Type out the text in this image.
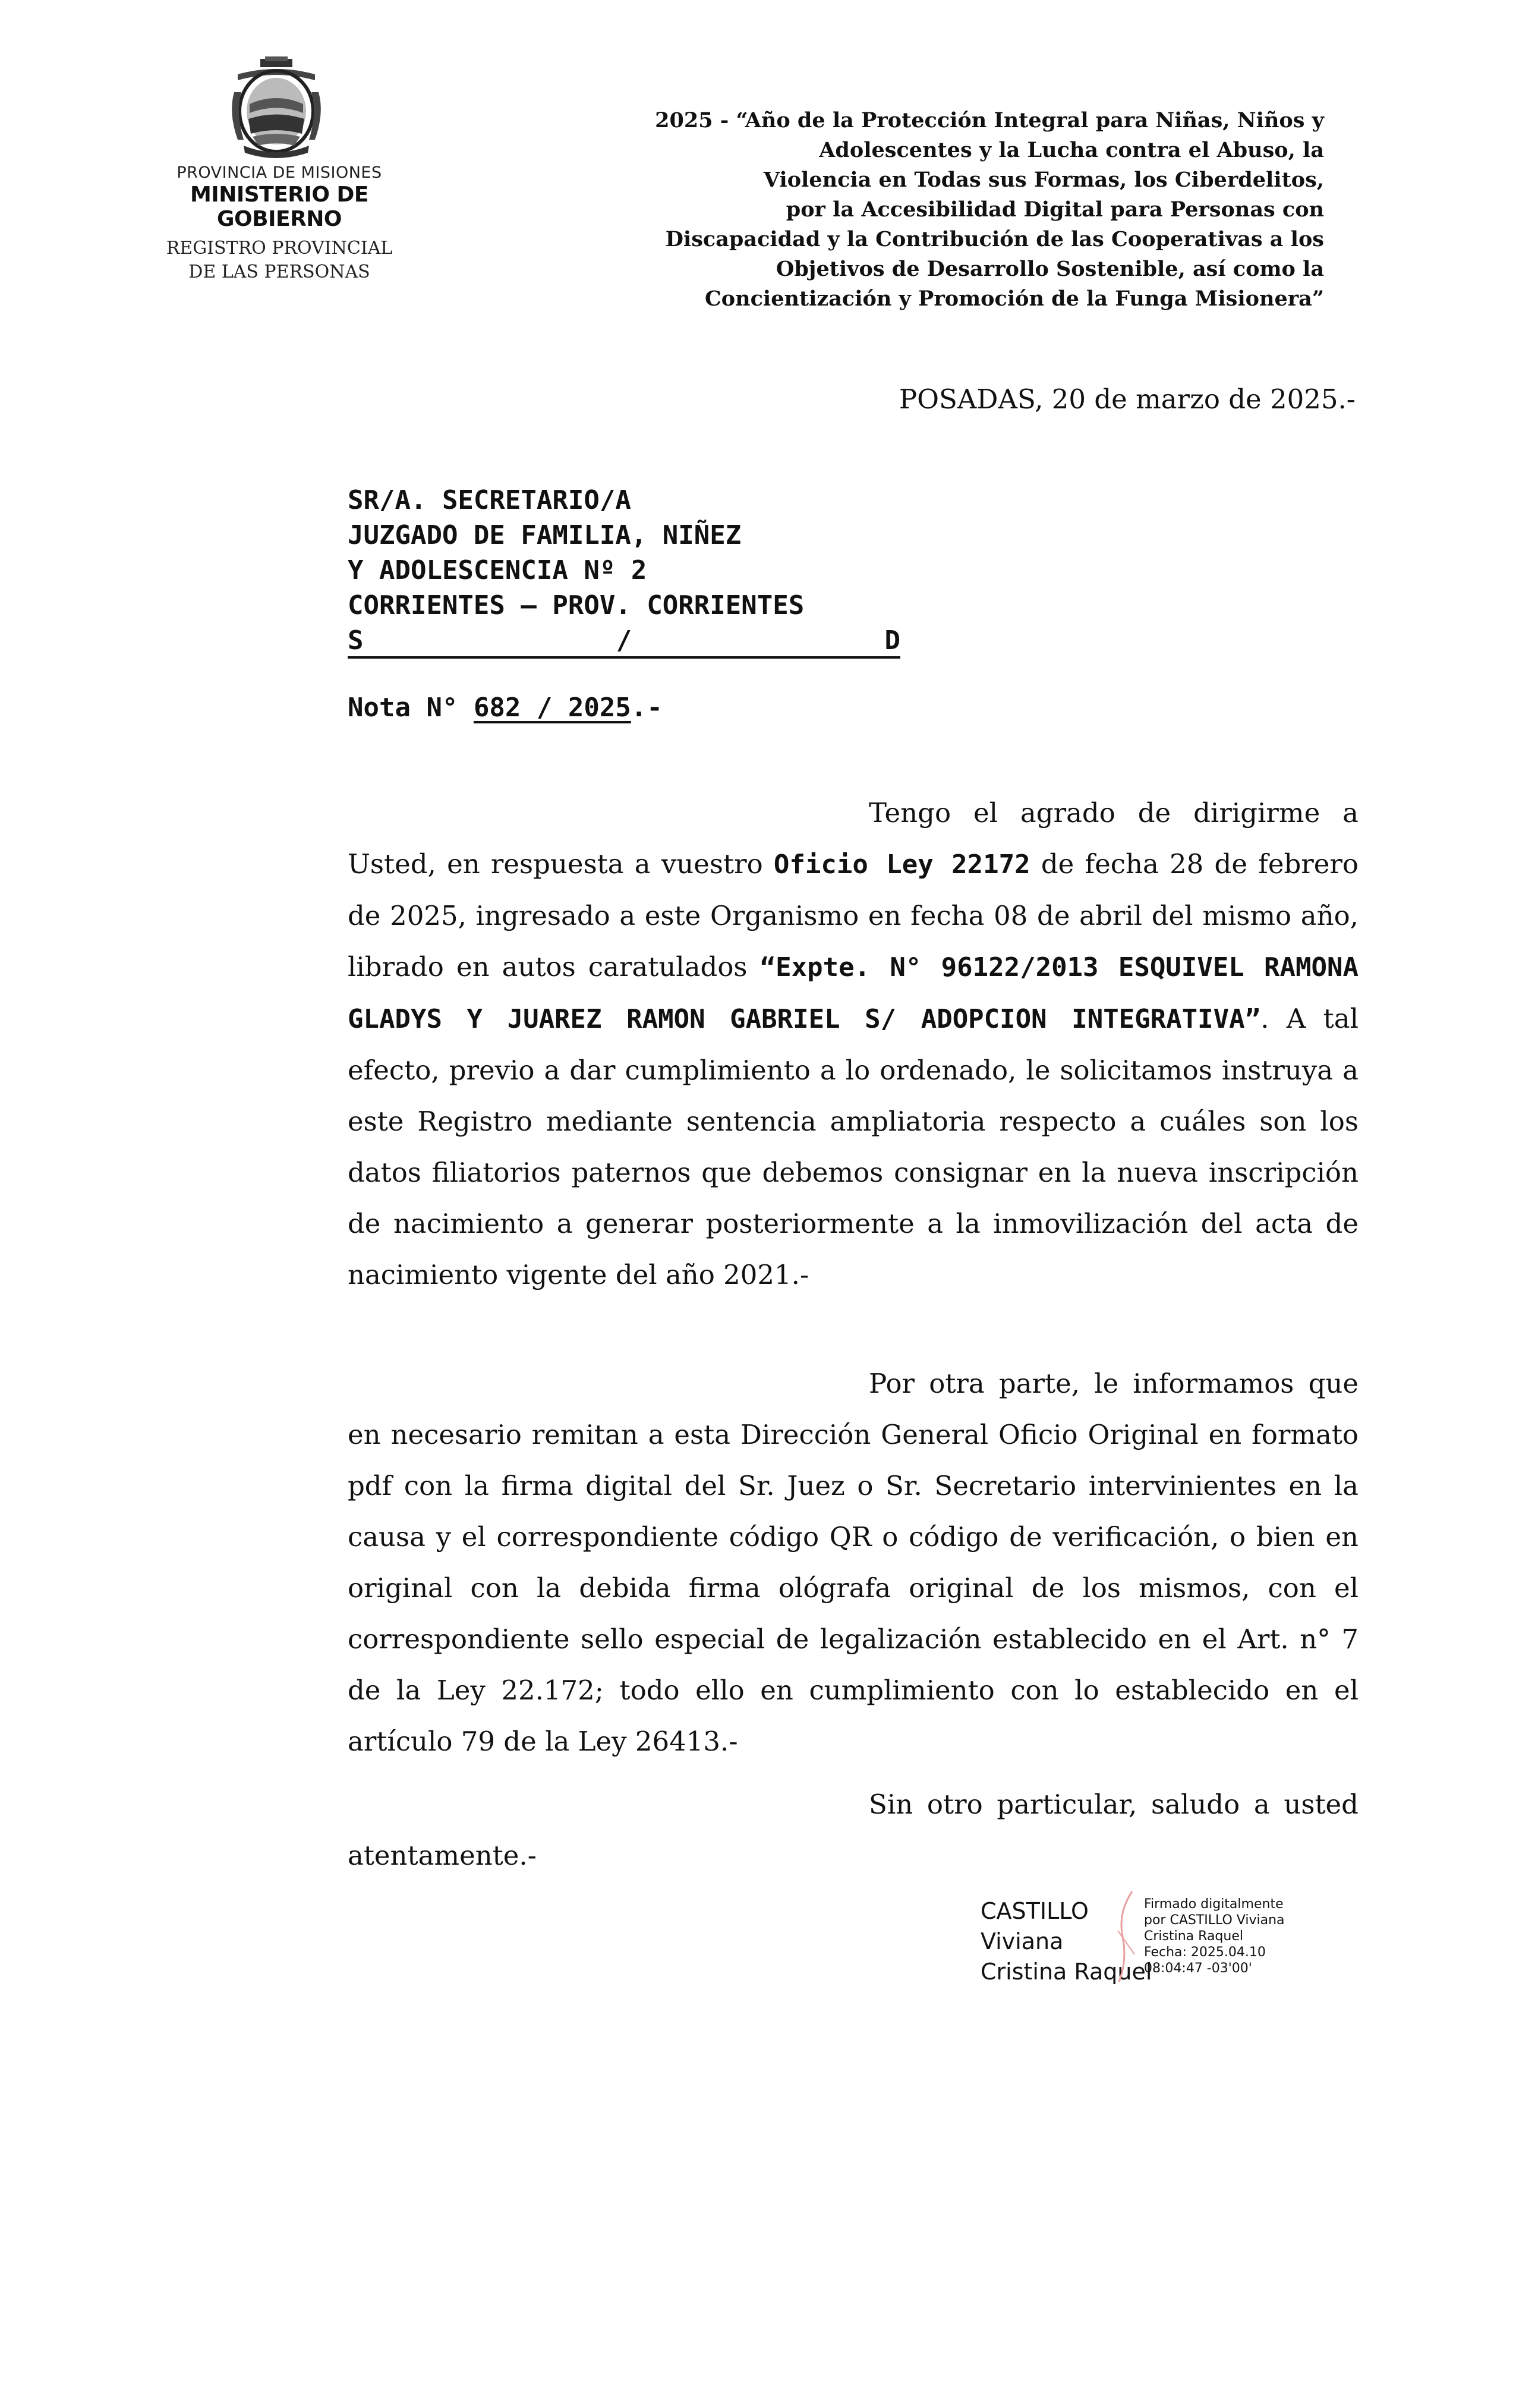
PROVINCIA DE MISIONES
MINISTERIO DE GOBIERNO
REGISTRO PROVINCIAL
DE LAS PERSONAS
2025 - “Año de la Protección Integral para Niñas, Niños y
Adolescentes y la Lucha contra el Abuso, la
Violencia en Todas sus Formas, los Ciberdelitos,
por la Accesibilidad Digital para Personas con
Discapacidad y la Contribución de las Cooperativas a los
Objetivos de Desarrollo Sostenible, así como la
Concientización y Promoción de la Funga Misionera”
POSADAS, 20 de marzo de 2025.-
SR/A. SECRETARIO/A
JUZGADO DE FAMILIA, NIÑEZ
Y ADOLESCENCIA Nº 2
CORRIENTES – PROV. CORRIENTES
S	/	D
Nota N° 682 / 2025.-
Tengo el agrado de dirigirme a Usted, en respuesta a vuestro Oficio Ley 22172 de fecha 28 de febrero de 2025, ingresado a este Organismo en fecha 08 de abril del mismo año, librado en autos caratulados “Expte. N° 96122/2013 ESQUIVEL RAMONA GLADYS Y JUAREZ RAMON GABRIEL S/ ADOPCION INTEGRATIVA”. A tal efecto, previo a dar cumplimiento a lo ordenado, le solicitamos instruya a este Registro mediante sentencia ampliatoria respecto a cuáles son los datos filiatorios paternos que debemos consignar en la nueva inscripción de nacimiento a generar posteriormente a la inmovilización del acta de nacimiento vigente del año 2021.-
Por otra parte, le informamos que en necesario remitan a esta Dirección General Oficio Original en formato pdf con la firma digital del Sr. Juez o Sr. Secretario intervinientes en la causa y el correspondiente código QR o código de verificación, o bien en original con la debida firma ológrafa original de los mismos, con el correspondiente sello especial de legalización establecido en el Art. n° 7 de la Ley 22.172; todo ello en cumplimiento con lo establecido en el artículo 79 de la Ley 26413.-
Sin otro particular, saludo a usted atentamente.-
CASTILLO
Viviana
Cristina Raquel
Firmado digitalmente
por CASTILLO Viviana
Cristina Raquel
Fecha: 2025.04.10
08:04:47 -03'00'
